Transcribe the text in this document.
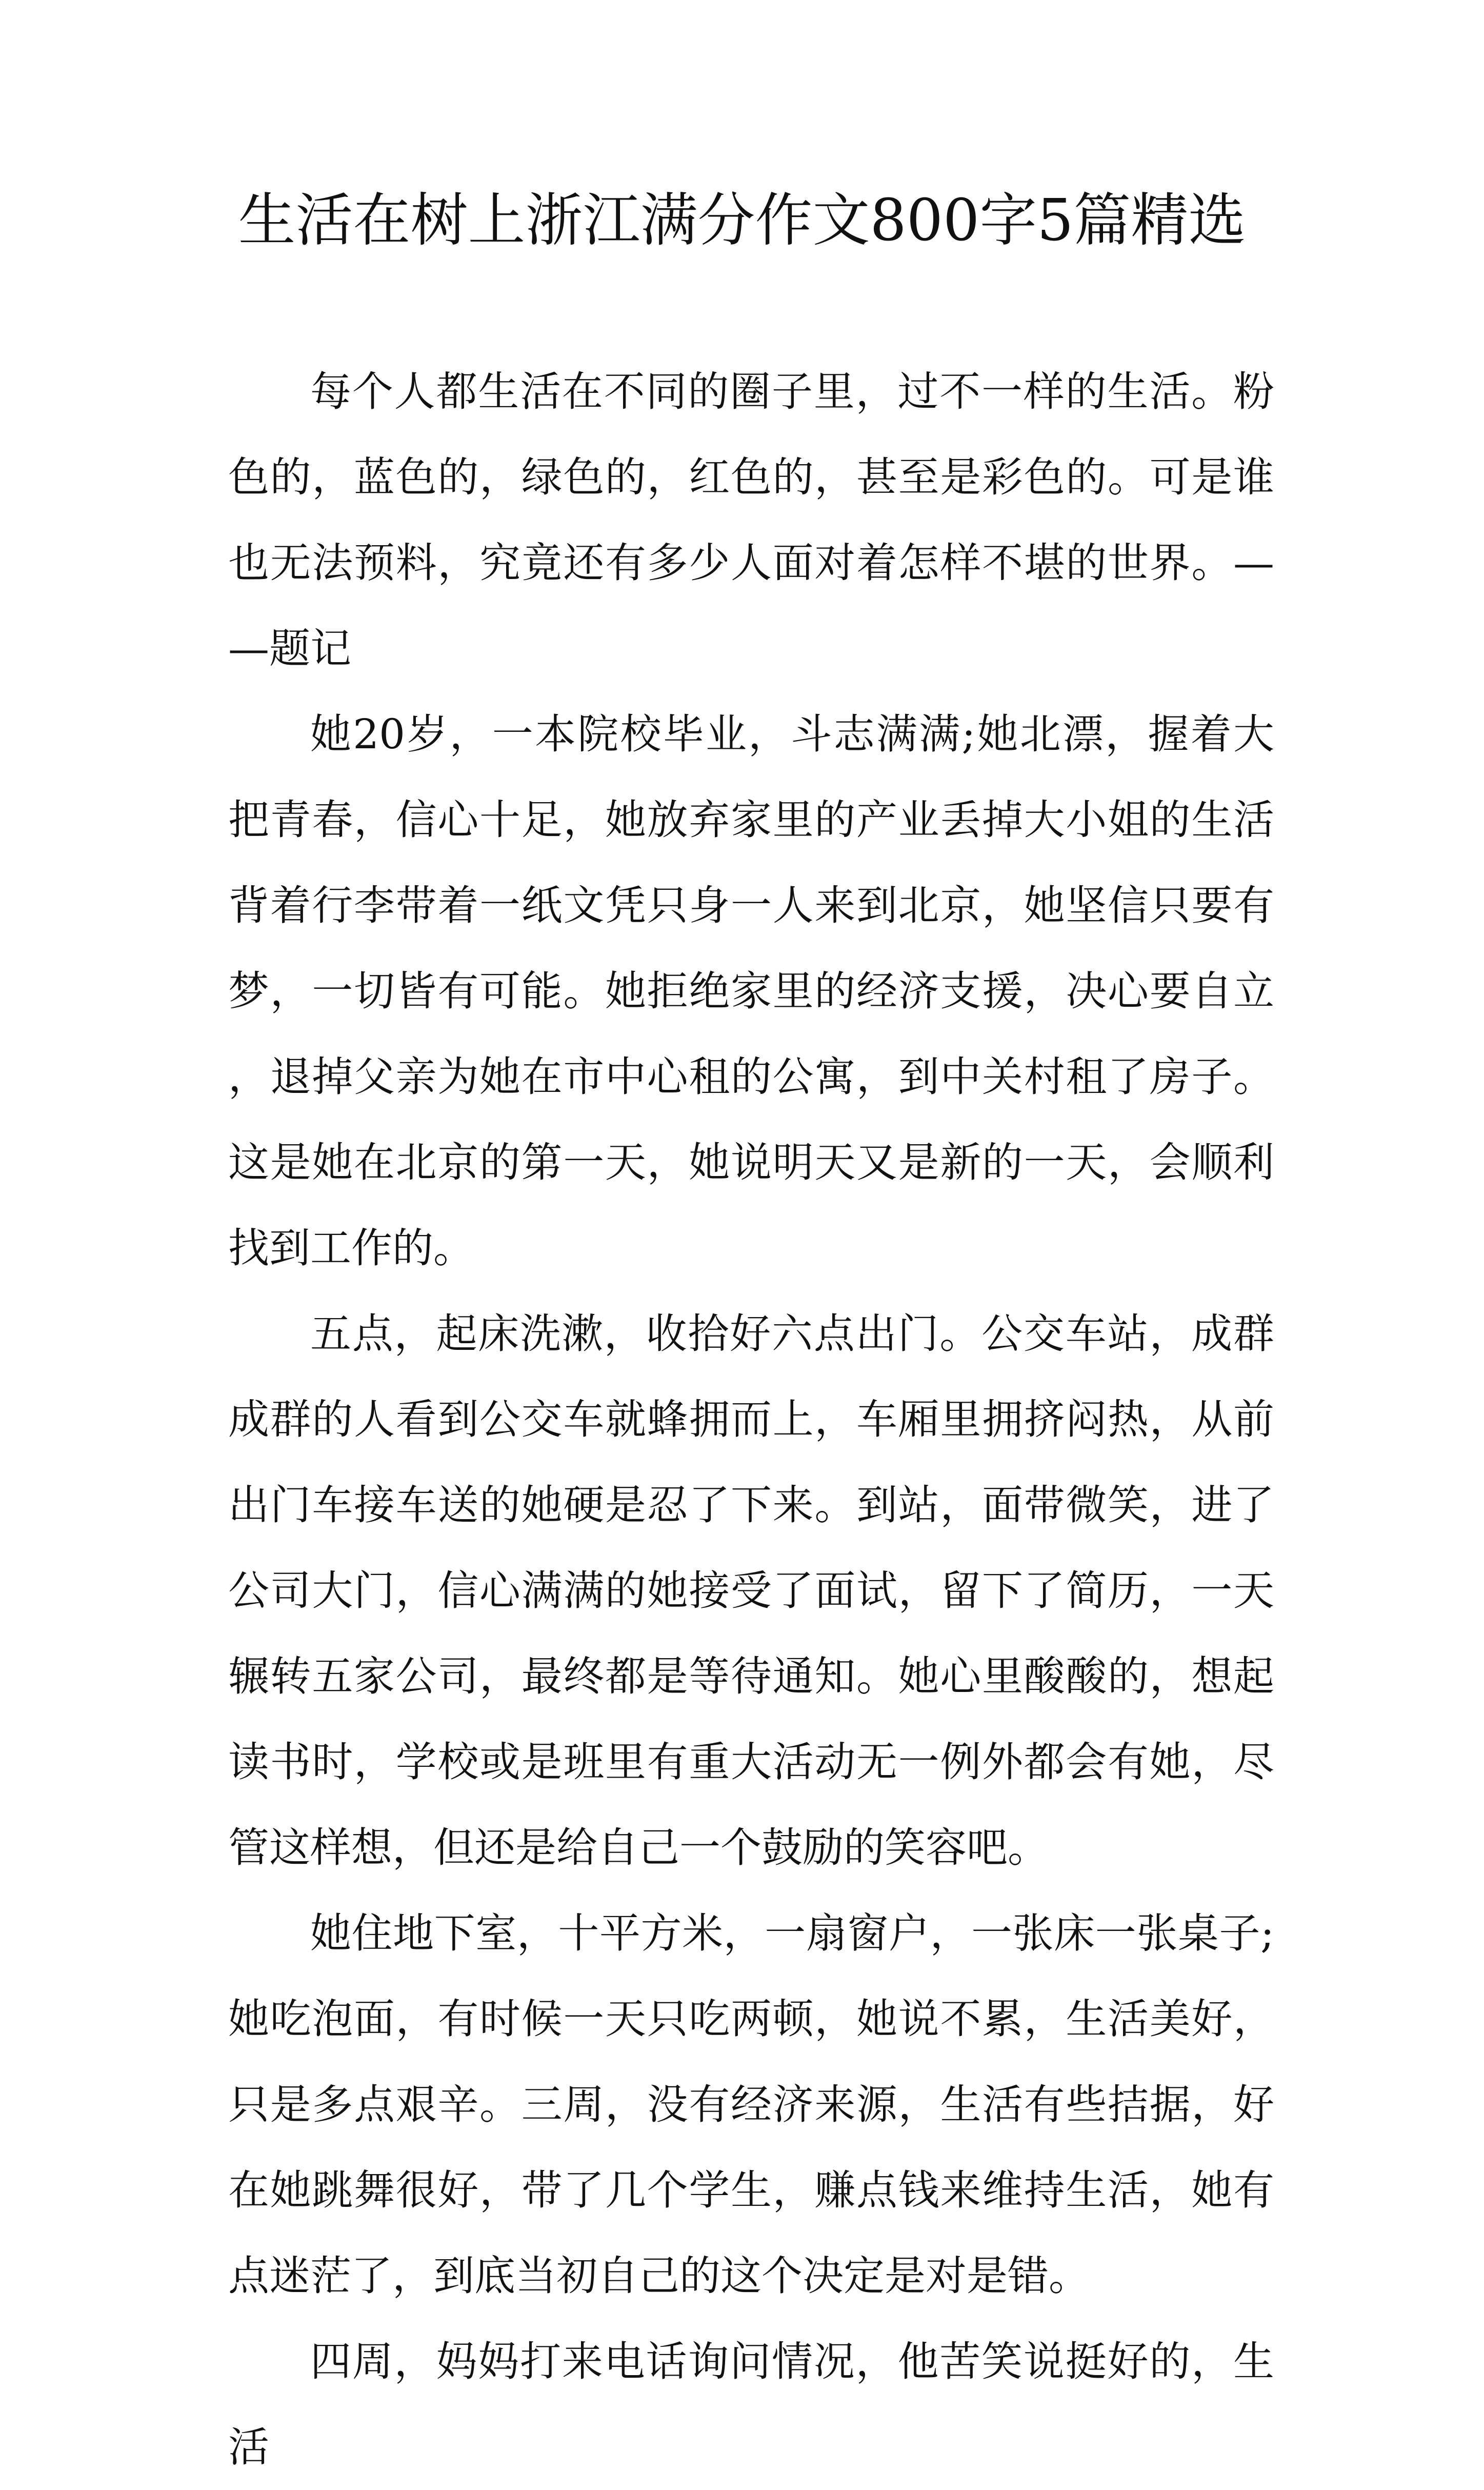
生活在树上浙江满分作文800字5篇精选

每个人都生活在不同的圈子里，过不一样的生活。粉色的，蓝色的，绿色的，红色的，甚至是彩色的。可是谁也无法预料，究竟还有多少人面对着怎样不堪的世界。——题记

她20岁，一本院校毕业，斗志满满;她北漂，握着大把青春，信心十足，她放弃家里的产业丢掉大小姐的生活背着行李带着一纸文凭只身一人来到北京，她坚信只要有梦，一切皆有可能。她拒绝家里的经济支援，决心要自立，退掉父亲为她在市中心租的公寓，到中关村租了房子。这是她在北京的第一天，她说明天又是新的一天，会顺利找到工作的。

五点，起床洗漱，收拾好六点出门。公交车站，成群成群的人看到公交车就蜂拥而上，车厢里拥挤闷热，从前出门车接车送的她硬是忍了下来。到站，面带微笑，进了公司大门，信心满满的她接受了面试，留下了简历，一天辗转五家公司，最终都是等待通知。她心里酸酸的，想起读书时，学校或是班里有重大活动无一例外都会有她，尽管这样想，但还是给自己一个鼓励的笑容吧。

她住地下室，十平方米，一扇窗户，一张床一张桌子;她吃泡面，有时候一天只吃两顿，她说不累，生活美好，只是多点艰辛。三周，没有经济来源，生活有些拮据，好在她跳舞很好，带了几个学生，赚点钱来维持生活，她有点迷茫了，到底当初自己的这个决定是对是错。

四周，妈妈打来电话询问情况，他苦笑说挺好的，生活
